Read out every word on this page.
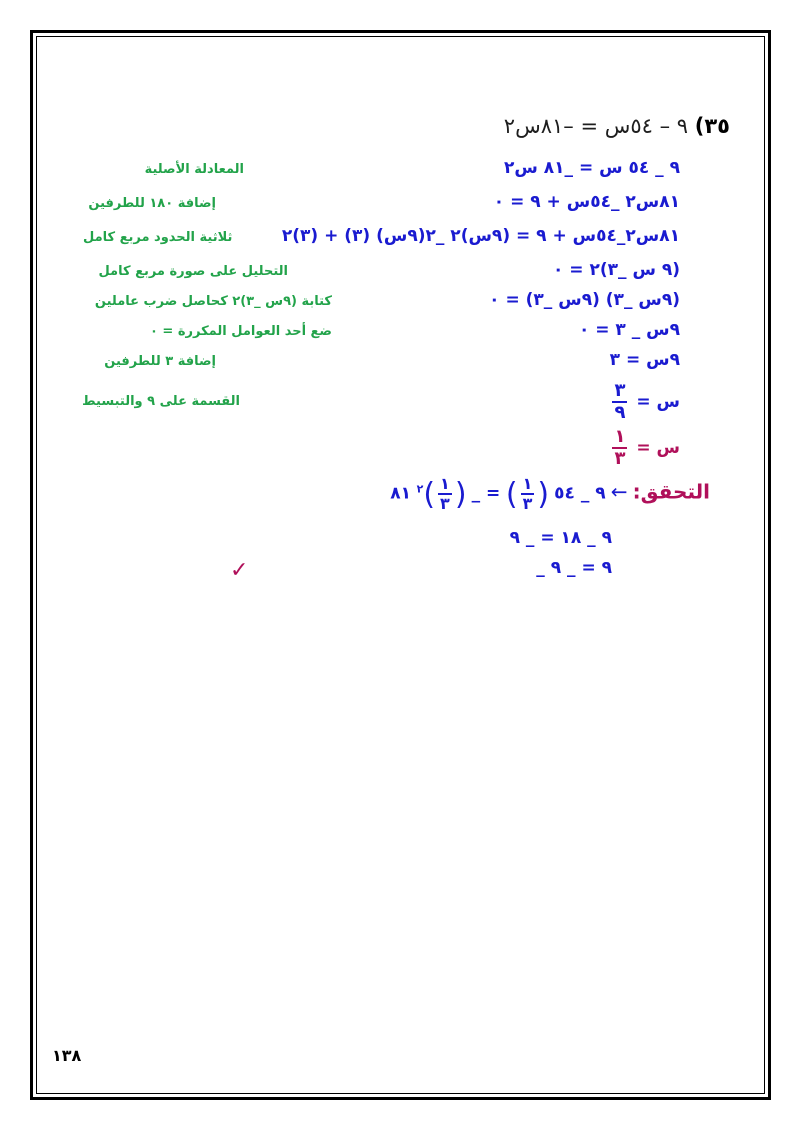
٣٥) ٩ – ٥٤س = –٨١س٢
٩ _ ٥٤ س = _٨١ س٢
المعادلة الأصلية
٨١س٢ _٥٤س + ٩ = ٠
إضافة ١٨٠ للطرفين
٨١س٢_٥٤س + ٩ = (٩س)٢ _٢(٩س) (٣) + (٣)٢
ثلاثية الحدود مربع كامل
(٩ س _٣)٢ = ٠
التحليل على صورة مربع كامل
(٩س _٣) (٩س _٣) = ٠
كتابة (٩س _٣)٢ كحاصل ضرب عاملين
٩س _ ٣ = ٠
ضع أحد العوامل المكررة = ٠
٩س = ٣
إضافة ٣ للطرفين
س =
$\frac{٣}{٩}$
القسمة على ٩ والتبسيط
س =
$\frac{١}{٣}$
التحقق: ← ٩ _ ٥٤ (
$\frac{١}{٣}$
) = _ (
$\frac{١}{٣}$
)$^٢$ ٨١
٩ _ ١٨ = _ ٩
_ ٩ = _ ٩
✓
١٣٨
